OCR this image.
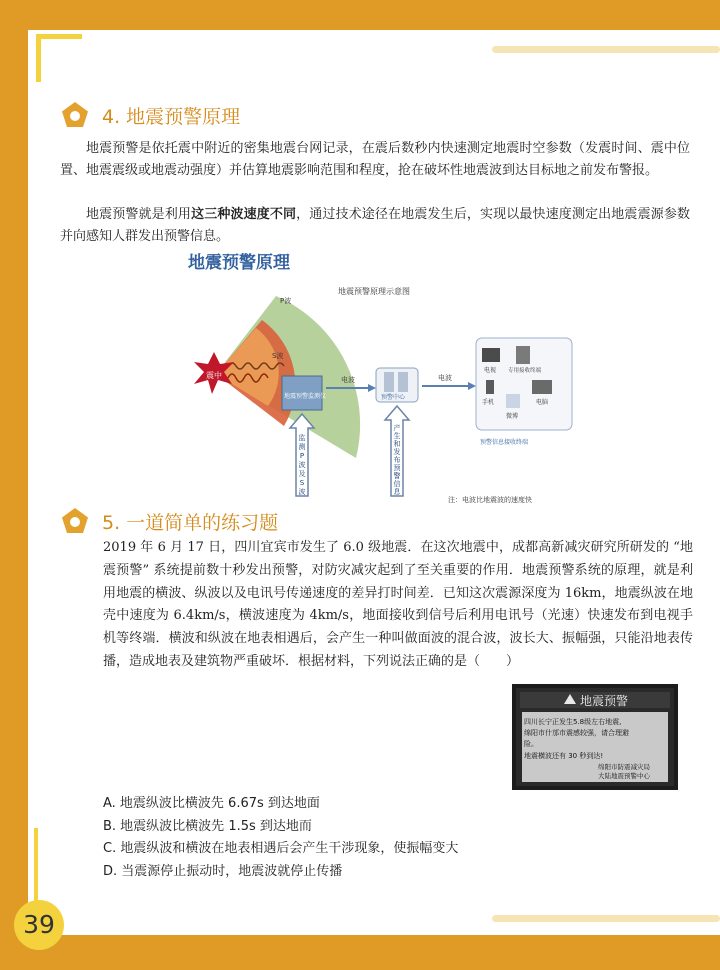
39
4. 地震预警原理
地震预警是依托震中附近的密集地震台网记录，在震后数秒内快速测定地震时空参数（发震时间、震中位置、地震震级或地震动强度）并估算地震影响范围和程度，抢在破坏性地震波到达目标地之前发布警报。
地震预警就是利用这三种波速度不同，通过技术途径在地震发生后，实现以最快速度测定出地震震源参数并向感知人群发出预警信息。
地震预警原理
地震预警原理示意图
震中
P波
S波
地震预警监测仪
监
测
P
波
及
S
波
电波
预警中心
产
生
和
发
布
预
警
信
息
电波
电视 专用接收终端
手机
微博
电脑
预警信息接收终端
注：电波比地震波的速度快
5. 一道简单的练习题
2019 年 6 月 17 日，四川宜宾市发生了 6.0 级地震．在这次地震中，成都高新减灾研究所研发的 “地震预警” 系统提前数十秒发出预警，对防灾减灾起到了至关重要的作用．地震预警系统的原理，就是利用地震的横波、纵波以及电讯号传递速度的差异打时间差．已知这次震源深度为 16km，地震纵波在地壳中速度为 6.4km/s，横波速度为 4km/s，地面接收到信号后利用电讯号（光速）快速发布到电视手机等终端．横波和纵波在地表相遇后，会产生一种叫做面波的混合波，波长大、振幅强，只能沿地表传播，造成地表及建筑物严重破坏．根据材料，下列说法正确的是（　　）
地震预警
四川长宁正发生5.8级左右地震,
绵阳市什邡市震感较强，请合理避
险。
地震横波还有 30 秒到达!
绵阳市防震减灾局
大陆地震预警中心
A. 地震纵波比横波先 6.67s 到达地面
B. 地震纵波比横波先 1.5s 到达地而
C. 地震纵波和横波在地表相遇后会产生干涉现象，使振幅变大
D. 当震源停止振动时，地震波就停止传播
